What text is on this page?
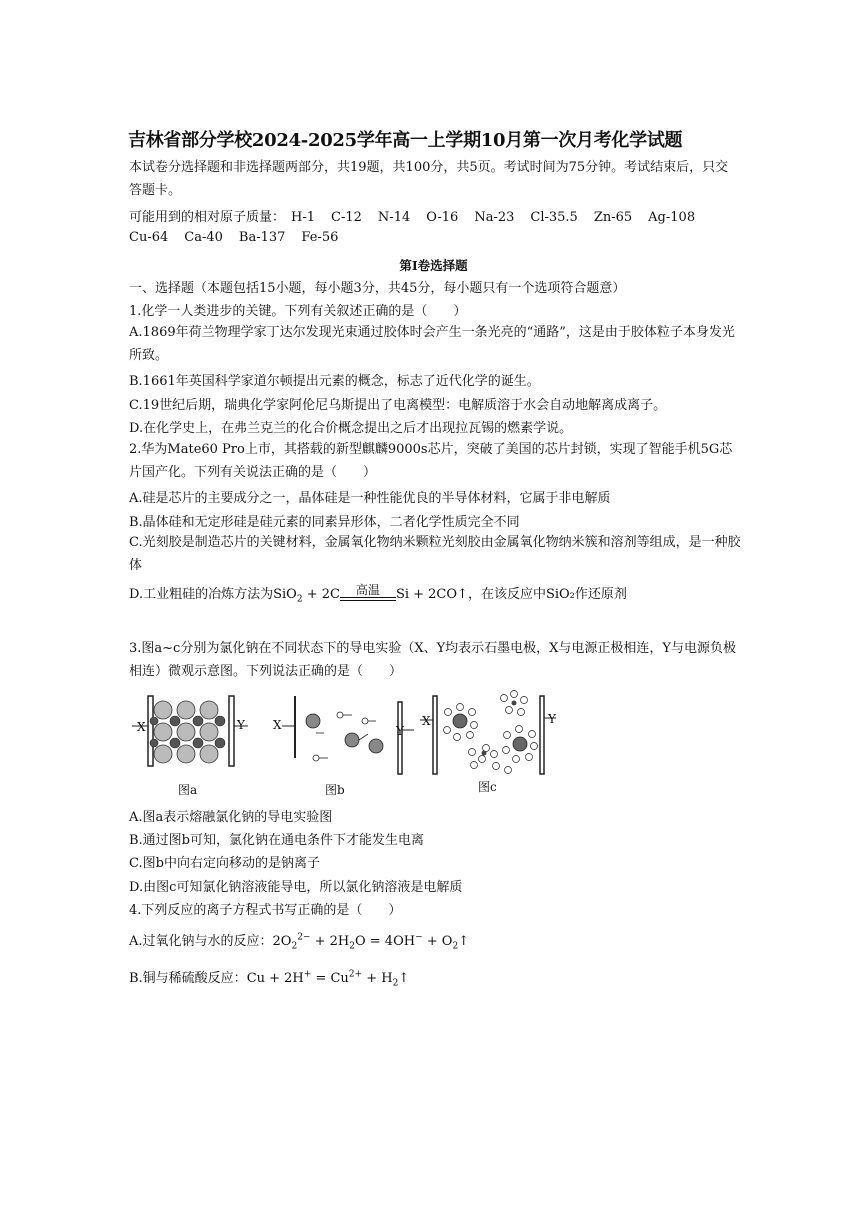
吉林省部分学校2024-2025学年高一上学期10月第一次月考化学试题
本试卷分选择题和非选择题两部分，共19题，共100分，共5页。考试时间为75分钟。考试结束后，只交答题卡。
可能用到的相对原子质量： H-1 C-12 N-14 O-16 Na-23 Cl-35.5 Zn-65 Ag-108
Cu-64 Ca-40 Ba-137 Fe-56
第I卷选择题
一、选择题（本题包括15小题，每小题3分，共45分，每小题只有一个选项符合题意）
1.化学一人类进步的关键。下列有关叙述正确的是（　　）
A.1869年荷兰物理学家丁达尔发现光束通过胶体时会产生一条光亮的“通路”，这是由于胶体粒子本身发光所致。
B.1661年英国科学家道尔顿提出元素的概念，标志了近代化学的诞生。
C.19世纪后期，瑞典化学家阿伦尼乌斯提出了电离模型：电解质溶于水会自动地解离成离子。
D.在化学史上，在弗兰克兰的化合价概念提出之后才出现拉瓦锡的燃素学说。
2.华为Mate60 Pro上市，其搭载的新型麒麟9000s芯片，突破了美国的芯片封锁，实现了智能手机5G芯片国产化。下列有关说法正确的是（　　）
A.硅是芯片的主要成分之一，晶体硅是一种性能优良的半导体材料，它属于非电解质
B.晶体硅和无定形硅是硅元素的同素异形体，二者化学性质完全不同
C.光刻胶是制造芯片的关键材料，金属氧化物纳米颗粒光刻胶由金属氧化物纳米簇和溶剂等组成，是一种胶体
D.工业粗硅的冶炼方法为SiO$_2$ + 2C	高温	Si + 2CO↑，在该反应中SiO₂作还原剂
3.图a~c分别为氯化钠在不同状态下的导电实验（X、Y均表示石墨电极，X与电源正极相连，Y与电源负极相连）微观示意图。下列说法正确的是（　　）
X	Y X	Y
X	Y
图a	图b	图c
A.图a表示熔融氯化钠的导电实验图
B.通过图b可知，氯化钠在通电条件下才能发生电离
C.图b中向右定向移动的是钠离子
D.由图c可知氯化钠溶液能导电，所以氯化钠溶液是电解质
4.下列反应的离子方程式书写正确的是（　　）
A.过氧化钠与水的反应：$2O_2^{2-} + 2H_2O = 4OH^-$ + $O_2↑$
B.铜与稀硫酸反应：$Cu + 2H^+ = Cu^{2+}$ + $H_2↑$
